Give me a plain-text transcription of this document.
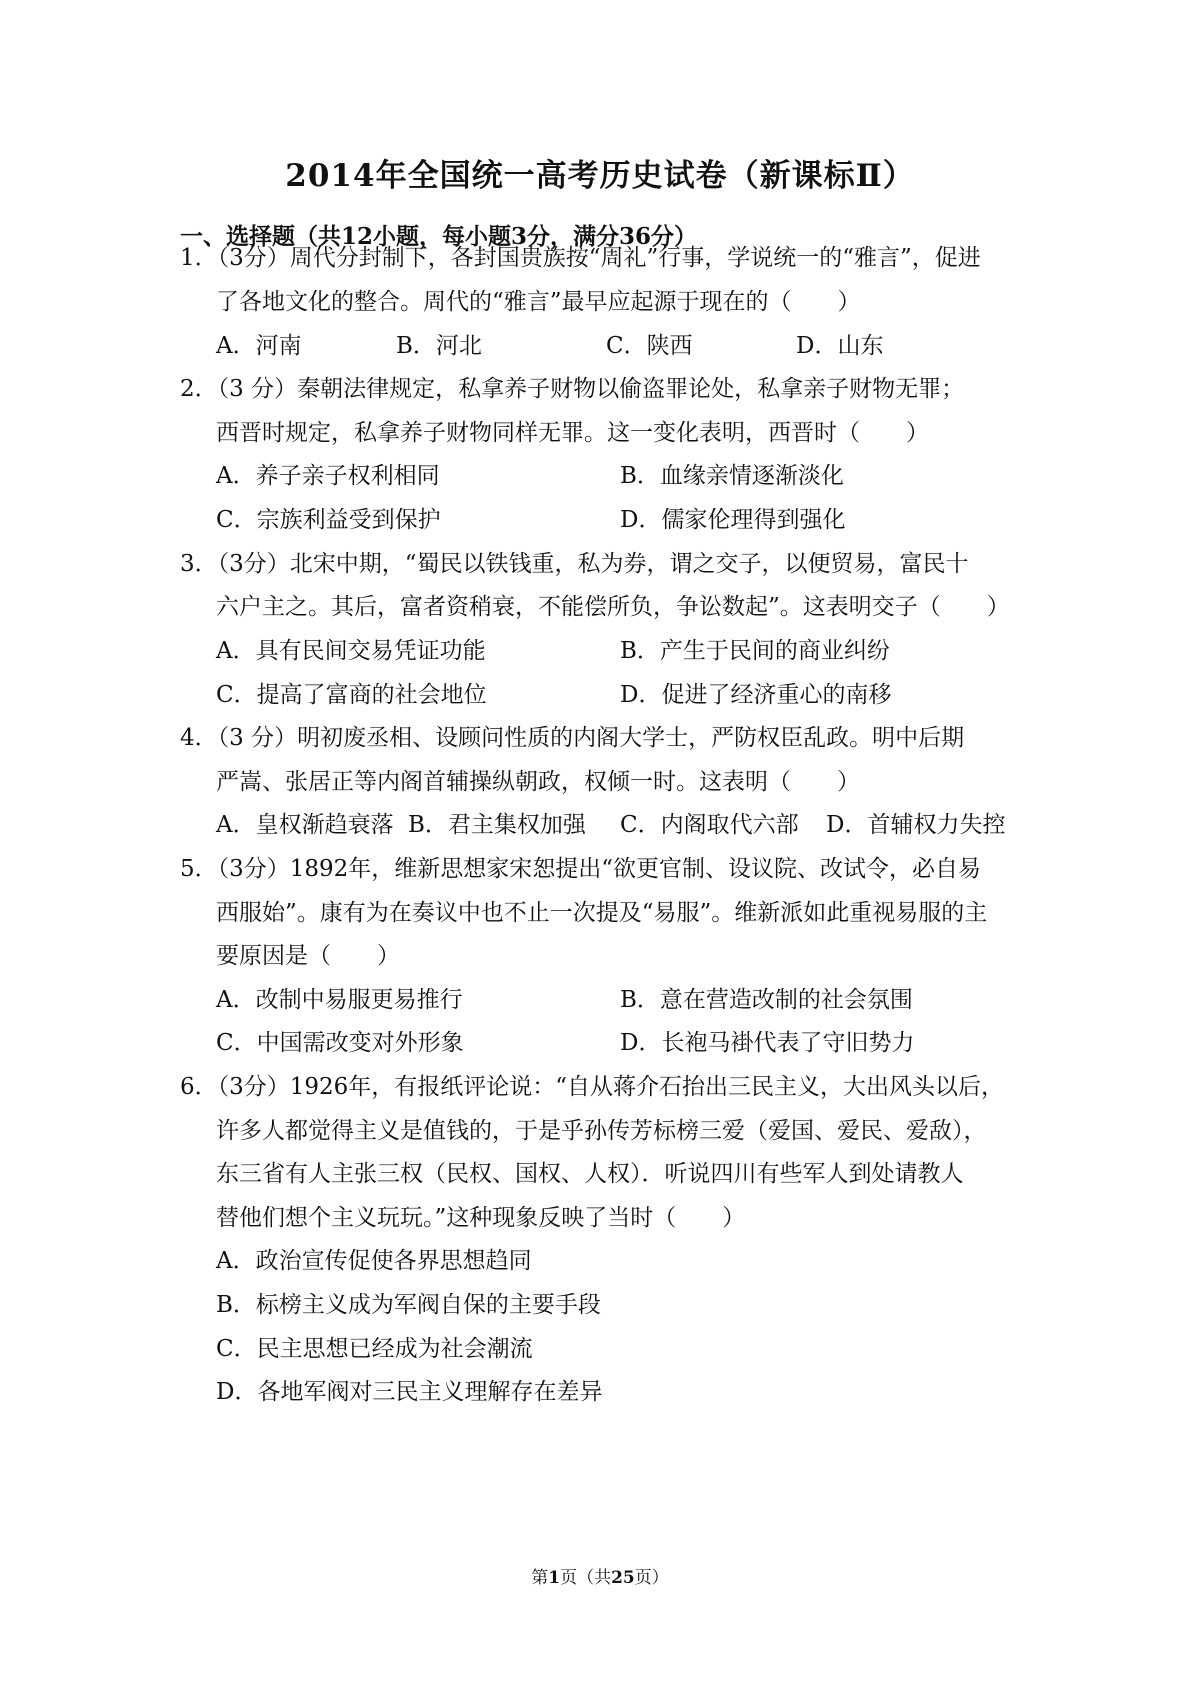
2014年全国统一高考历史试卷（新课标Ⅱ）
一、选择题（共12小题，每小题3分，满分36分）
1．（3分）周代分封制下，各封国贵族按“周礼”行事，学说统一的“雅言”，促进
了各地文化的整合。周代的“雅言”最早应起源于现在的（　　）
A．河南	B．河北	C．陕西	D．山东
2．（3 分）秦朝法律规定，私拿养子财物以偷盗罪论处，私拿亲子财物无罪；
西晋时规定，私拿养子财物同样无罪。这一变化表明，西晋时（　　）
A．养子亲子权利相同	B．血缘亲情逐渐淡化
C．宗族利益受到保护	D．儒家伦理得到强化
3．（3分）北宋中期，“蜀民以铁钱重，私为券，谓之交子，以便贸易，富民十
六户主之。其后，富者资稍衰，不能偿所负，争讼数起”。这表明交子（　　）
A．具有民间交易凭证功能	B．产生于民间的商业纠纷
C．提高了富商的社会地位	D．促进了经济重心的南移
4．（3 分）明初废丞相、设顾问性质的内阁大学士，严防权臣乱政。明中后期
严嵩、张居正等内阁首辅操纵朝政，权倾一时。这表明（　　）
A．皇权渐趋衰落 B．君主集权加强 C．内阁取代六部 D．首辅权力失控
5．（3分）1892年，维新思想家宋恕提出“欲更官制、设议院、改试令，必自易
西服始”。康有为在奏议中也不止一次提及“易服”。维新派如此重视易服的主
要原因是（　　）
A．改制中易服更易推行	B．意在营造改制的社会氛围
C．中国需改变对外形象	D．长袍马褂代表了守旧势力
6．（3分）1926年，有报纸评论说：“自从蒋介石抬出三民主义，大出风头以后，
许多人都觉得主义是值钱的，于是乎孙传芳标榜三爱（爱国、爱民、爱敌），
东三省有人主张三权（民权、国权、人权）．听说四川有些军人到处请教人
替他们想个主义玩玩。”这种现象反映了当时（　　）
A．政治宣传促使各界思想趋同
B．标榜主义成为军阀自保的主要手段
C．民主思想已经成为社会潮流
D．各地军阀对三民主义理解存在差异
第1页（共25页）
